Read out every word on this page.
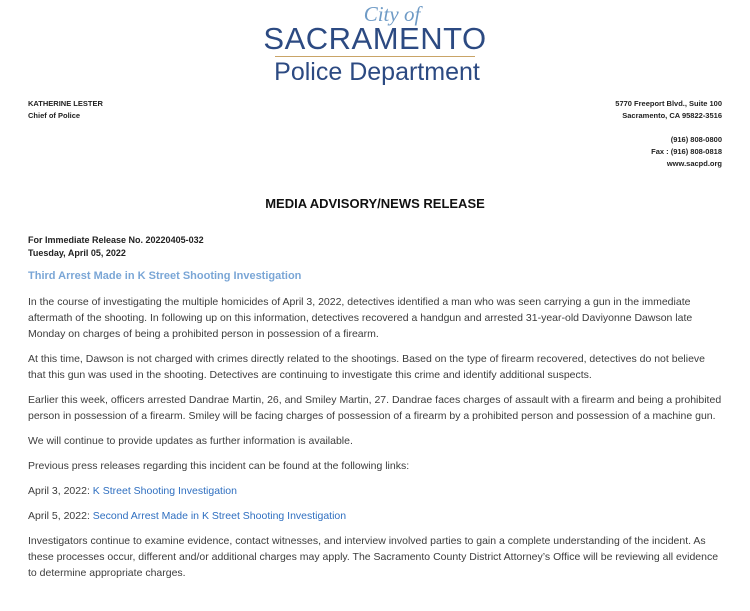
City of
SACRAMENTO
Police Department
KATHERINE LESTER
Chief of Police
5770 Freeport Blvd., Suite 100
Sacramento, CA 95822-3516
(916) 808-0800
Fax : (916) 808-0818
www.sacpd.org
MEDIA ADVISORY/NEWS RELEASE
For Immediate Release No. 20220405-032
Tuesday, April 05, 2022
Third Arrest Made in K Street Shooting Investigation

In the course of investigating the multiple homicides of April 3, 2022, detectives identified a man who was seen carrying a gun in the immediate aftermath of the shooting. In following up on this information, detectives recovered a handgun and arrested 31-year-old Daviyonne Dawson late Monday on charges of being a prohibited person in possession of a firearm.

At this time, Dawson is not charged with crimes directly related to the shootings. Based on the type of firearm recovered, detectives do not believe that this gun was used in the shooting. Detectives are continuing to investigate this crime and identify additional suspects.

Earlier this week, officers arrested Dandrae Martin, 26, and Smiley Martin, 27. Dandrae faces charges of assault with a firearm and being a prohibited person in possession of a firearm. Smiley will be facing charges of possession of a firearm by a prohibited person and possession of a machine gun.

We will continue to provide updates as further information is available.

Previous press releases regarding this incident can be found at the following links:

April 3, 2022: K Street Shooting Investigation

April 5, 2022: Second Arrest Made in K Street Shooting Investigation

Investigators continue to examine evidence, contact witnesses, and interview involved parties to gain a complete understanding of the incident. As these processes occur, different and/or additional charges may apply. The Sacramento County District Attorney’s Office will be reviewing all evidence to determine appropriate charges.
